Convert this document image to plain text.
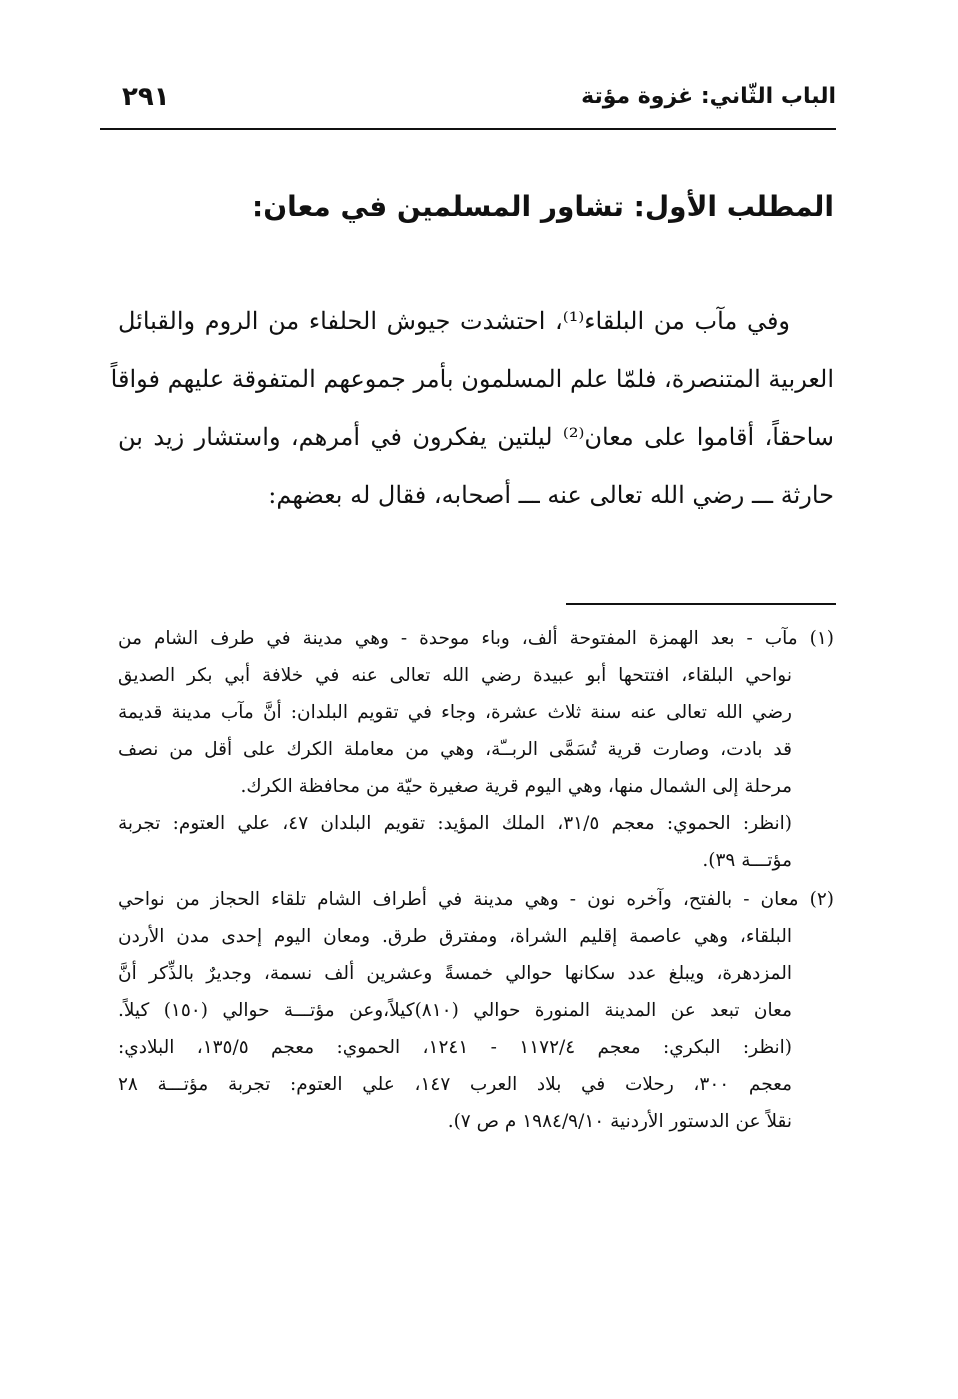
٢٩١	الباب الثّاني: غزوة مؤتة
المطلب الأول: تشاور المسلمين في معان:
وفي مآب من البلقاء⁽¹⁾، احتشدت جيوش الحلفاء من الروم والقبائل
العربية المتنصرة، فلمّا علم المسلمون بأمر جموعهم المتفوقة عليهم فواقاً
ساحقاً، أقاموا على معان⁽²⁾ ليلتين يفكرون في أمرهم، واستشار زيد بن
حارثة ـــ رضي الله تعالى عنه ـــ أصحابه، فقال له بعضهم:
(١) مآب - بعد الهمزة المفتوحة ألف، وباء موحدة - وهي مدينة في طرف الشام من
نواحي البلقاء، افتتحها أبو عبيدة رضي الله تعالى عنه في خلافة أبي بكر الصديق
رضي الله تعالى عنه سنة ثلاث عشرة، وجاء في تقويم البلدان: أنَّ مآب مدينة قديمة
قد بادت، وصارت قرية تُسَمَّى الربــّة، وهي من معاملة الكرك على أقل من نصف
مرحلة إلى الشمال منها، وهي اليوم قرية صغيرة حيّة من محافظة الكرك.
(انظر: الحموي: معجم ٣١/٥، الملك المؤيد: تقويم البلدان ٤٧، علي العتوم: تجربة
مؤتـــة ٣٩).
(٢) معان - بالفتح، وآخره نون - وهي مدينة في أطراف الشام تلقاء الحجاز من نواحي
البلقاء، وهي عاصمة إقليم الشراة، ومفترق طرق. ومعان اليوم إحدى مدن الأردن
المزدهرة، ويبلغ عدد سكانها حوالي خمسةً وعشرين ألف نسمة، وجديرٌ بالذِّكر أنَّ
معان تبعد عن المدينة المنورة حوالي (٨١٠)كيلاً،وعن مؤتـــة حوالي (١٥٠) كيلاً.
(انظر: البكري: معجم ١١٧٢/٤ - ١٢٤١، الحموي: معجم ١٣٥/٥، البلادي:
معجم ٣٠٠، رحلات في بلاد العرب ١٤٧، علي العتوم: تجربة مؤتـــة ٢٨
نقلاً عن الدستور الأردنية ١٩٨٤/٩/١٠ م ص ٧).
